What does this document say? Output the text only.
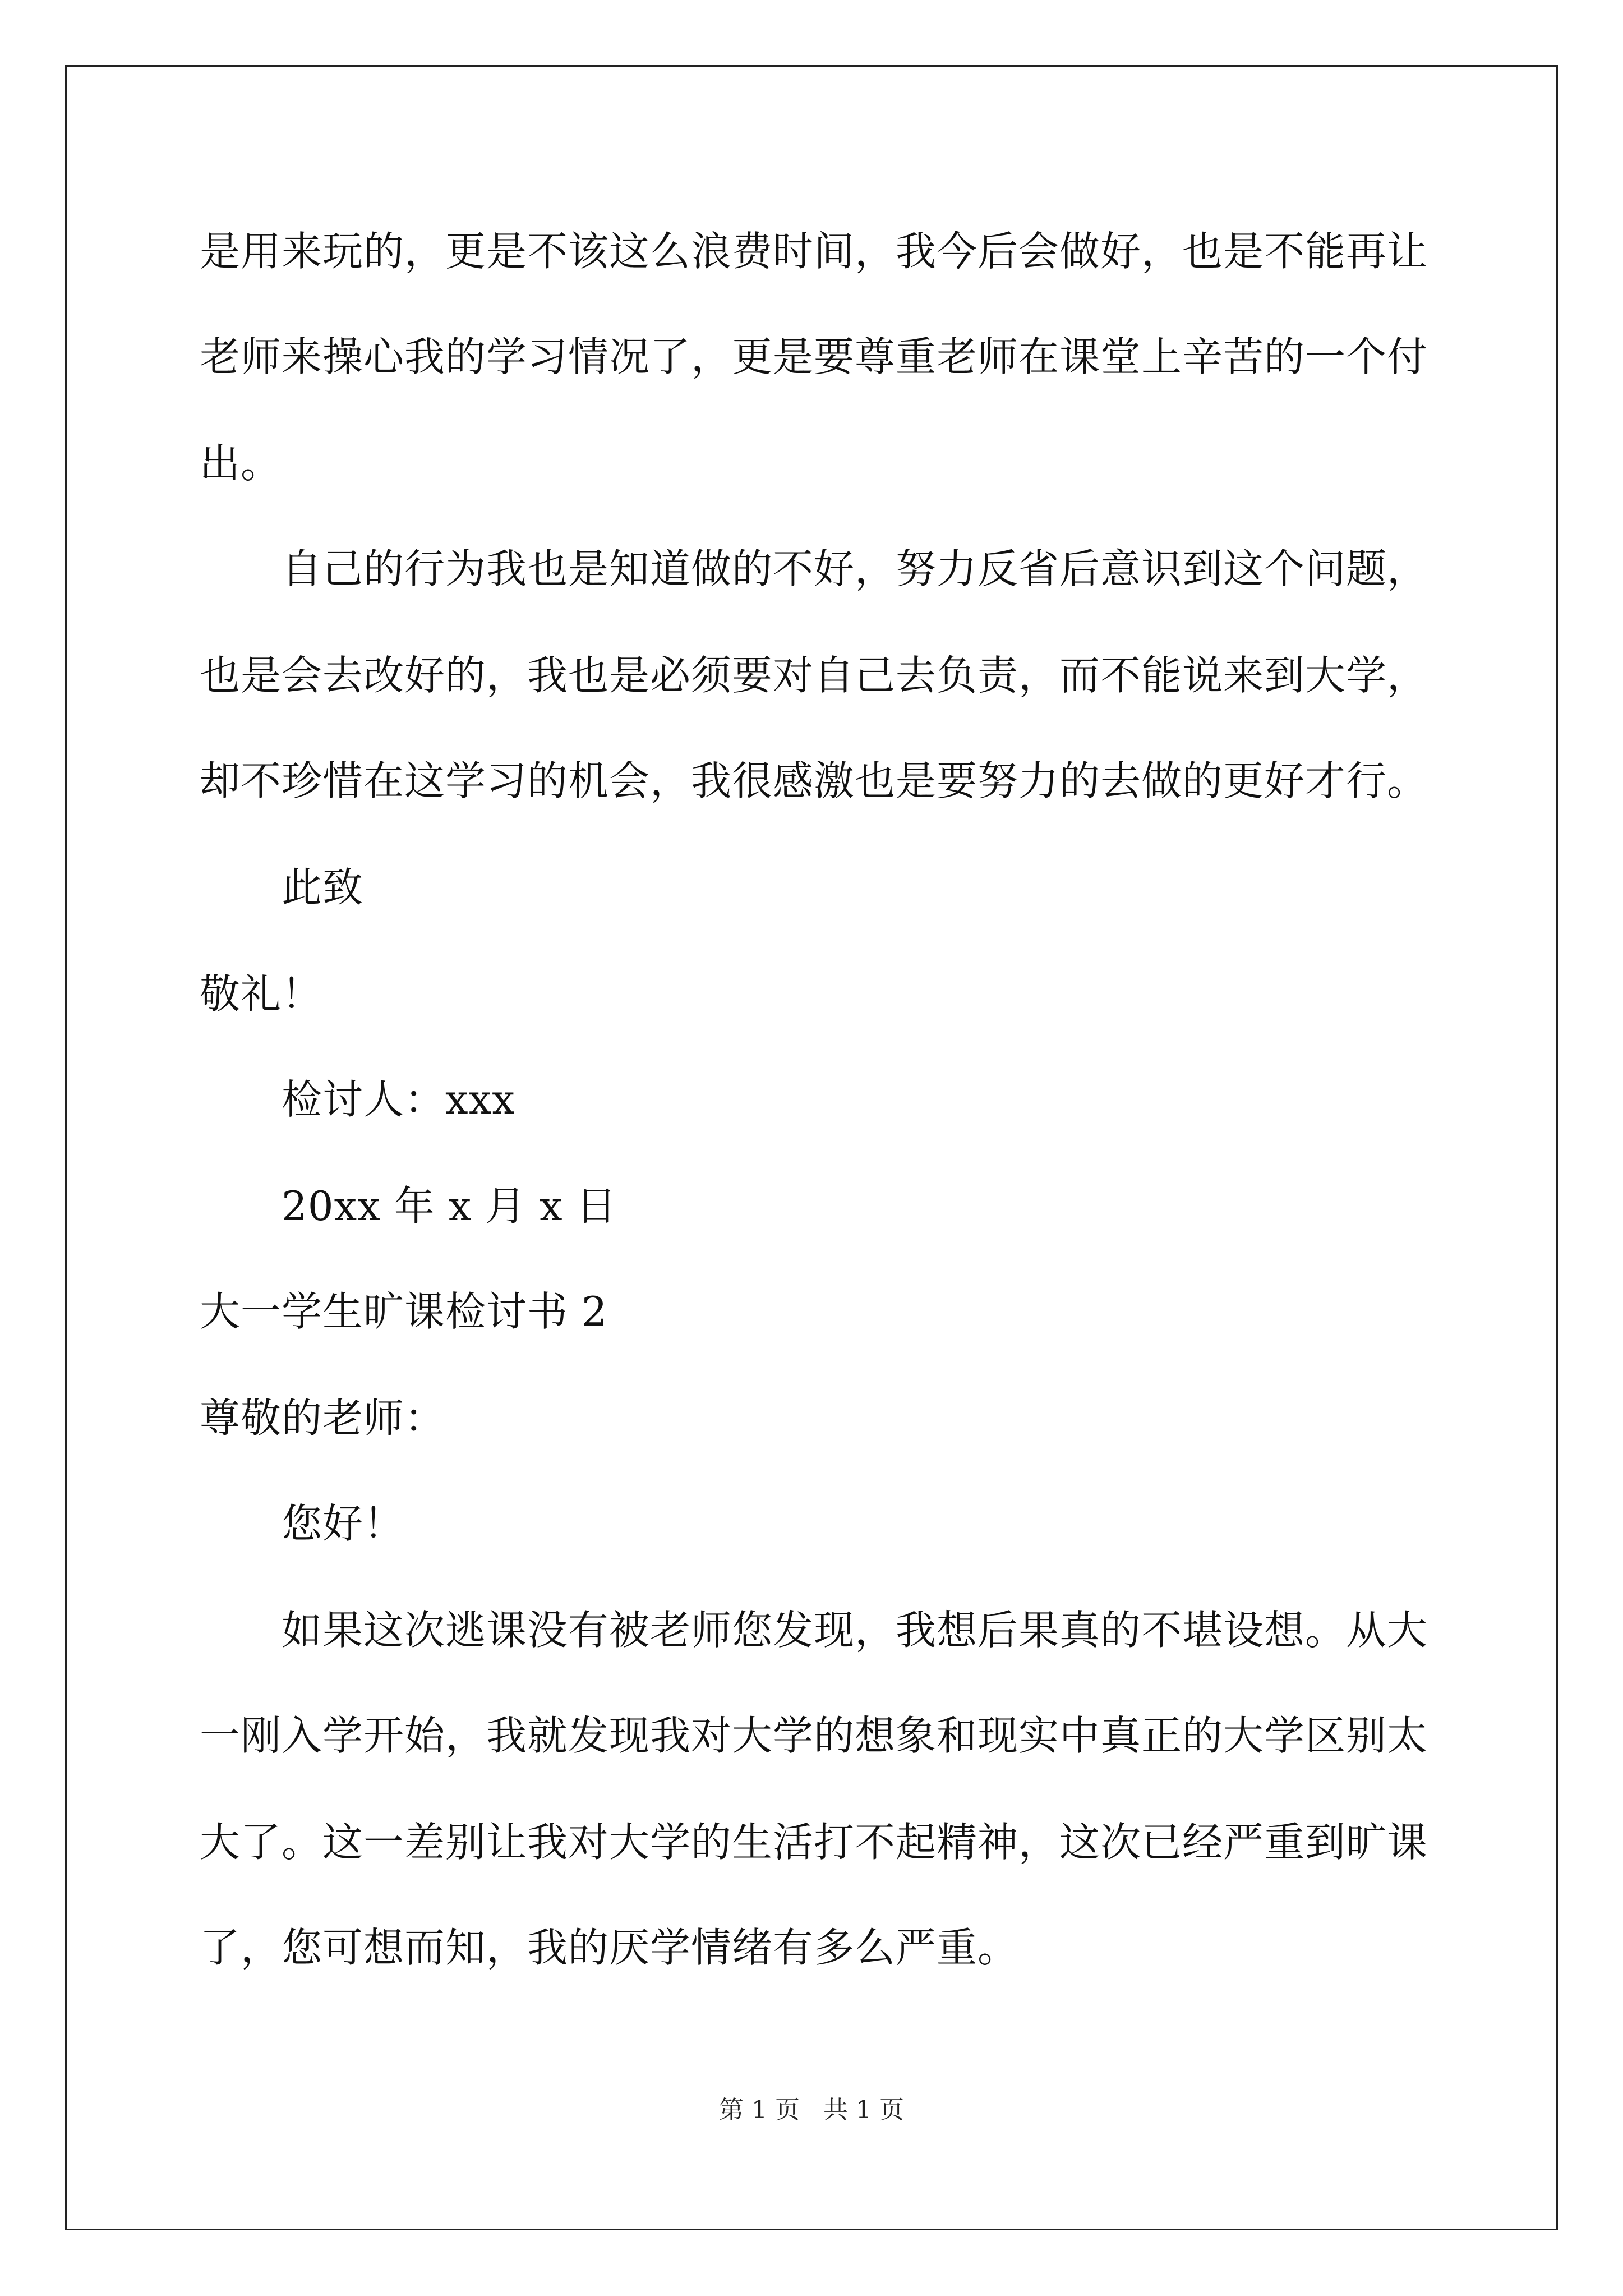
是用来玩的，更是不该这么浪费时间，我今后会做好，也是不能再让
老师来操心我的学习情况了，更是要尊重老师在课堂上辛苦的一个付
出。
自己的行为我也是知道做的不好，努力反省后意识到这个问题，
也是会去改好的，我也是必须要对自己去负责，而不能说来到大学，
却不珍惜在这学习的机会，我很感激也是要努力的去做的更好才行。
此致
敬礼！
检讨人：xxx
20xx 年 x 月 x 日
大一学生旷课检讨书 2
尊敬的老师：
您好！
如果这次逃课没有被老师您发现，我想后果真的不堪设想。从大
一刚入学开始，我就发现我对大学的想象和现实中真正的大学区别太
大了。这一差别让我对大学的生活打不起精神，这次已经严重到旷课
了，您可想而知，我的厌学情绪有多么严重。
第 1 页   共 1 页
